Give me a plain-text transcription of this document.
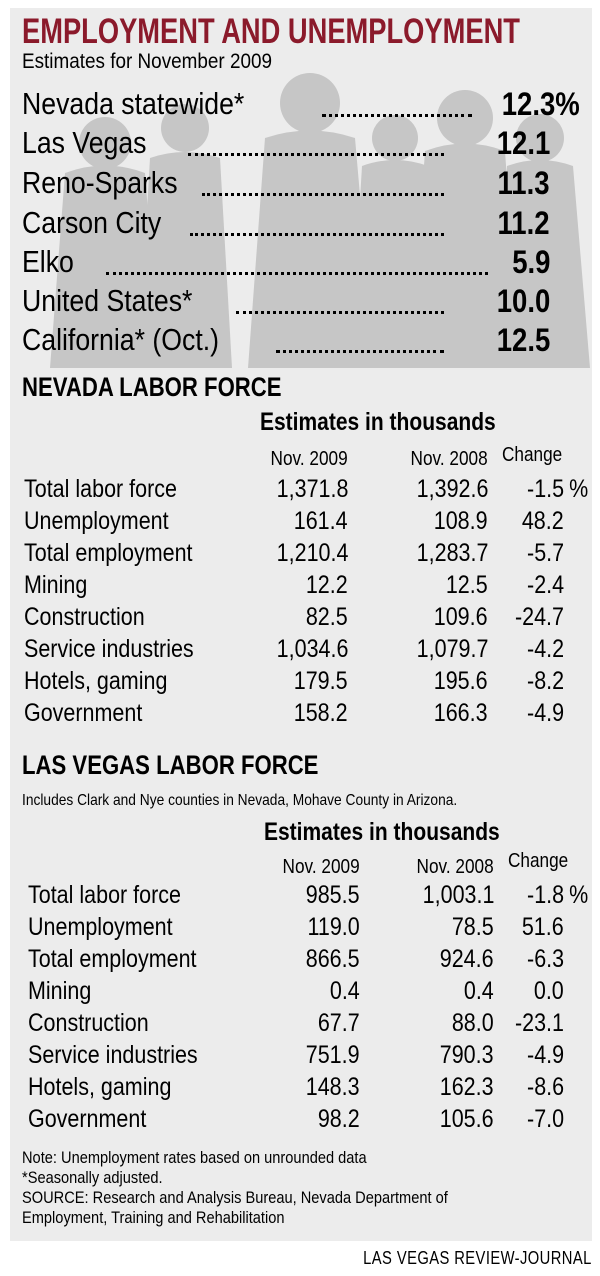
EMPLOYMENT AND UNEMPLOYMENT
Estimates for November 2009
Nevada statewide*	12.3%
Las Vegas	12.1
Reno-Sparks	11.3
Carson City	11.2
Elko	5.9
United States*	10.0
California* (Oct.)	12.5
NEVADA LABOR FORCE
Estimates in thousands
Nov. 2009	Nov. 2008 Change
Total labor force	1,371.8	1,392.6 -1.5 %
Unemployment	161.4	108.9 48.2
Total employment	1,210.4	1,283.7 -5.7
Mining	12.2	12.5 -2.4
Construction	82.5	109.6 -24.7
Service industries	1,034.6	1,079.7 -4.2
Hotels, gaming	179.5	195.6 -8.2
Government	158.2	166.3 -4.9
LAS VEGAS LABOR FORCE
Includes Clark and Nye counties in Nevada, Mohave County in Arizona.
Estimates in thousands
Nov. 2009	Nov. 2008 Change
Total labor force	985.5 1,003.1 -1.8 %
Unemployment	119.0	78.5 51.6
Total employment	866.5	924.6 -6.3
Mining	0.4	0.4 0.0
Construction	67.7	88.0 -23.1
Service industries	751.9	790.3 -4.9
Hotels, gaming	148.3	162.3 -8.6
Government	98.2	105.6 -7.0
Note: Unemployment rates based on unrounded data
*Seasonally adjusted.
SOURCE: Research and Analysis Bureau, Nevada Department of
Employment, Training and Rehabilitation
LAS VEGAS REVIEW-JOURNAL
